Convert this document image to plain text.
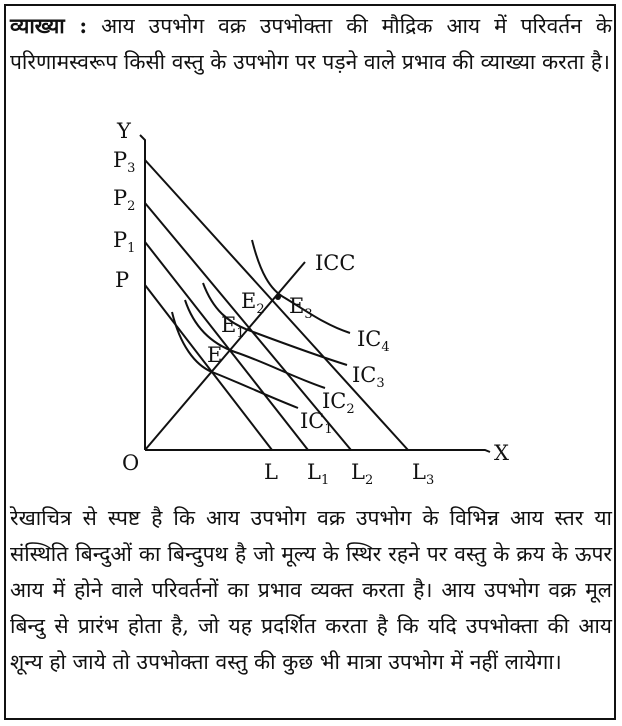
व्याख्या : आय उपभोग वक्र उपभोक्ता की मौद्रिक आय में परिवर्तन के परिणामस्वरूप किसी वस्तु के उपभोग पर पड़ने वाले प्रभाव की व्याख्या करता है।

Y
X
O
ICC
P
$P_1$
$P_2$
$P_3$
L $L_1$ $L_2$ $L_3$
E
$E_1$
$E_2$ $E_3$
$IC_1$
$IC_2$
$IC_3$
$IC_4$

रेखाचित्र से स्पष्ट है कि आय उपभोग वक्र उपभोग के विभिन्न आय स्तर या संस्थिति बिन्दुओं का बिन्दुपथ है जो मूल्य के स्थिर रहने पर वस्तु के क्रय के ऊपर आय में होने वाले परिवर्तनों का प्रभाव व्यक्त करता है। आय उपभोग वक्र मूल बिन्दु से प्रारंभ होता है, जो यह प्रदर्शित करता है कि यदि उपभोक्ता की आय शून्य हो जाये तो उपभोक्ता वस्तु की कुछ भी मात्रा उपभोग में नहीं लायेगा।
